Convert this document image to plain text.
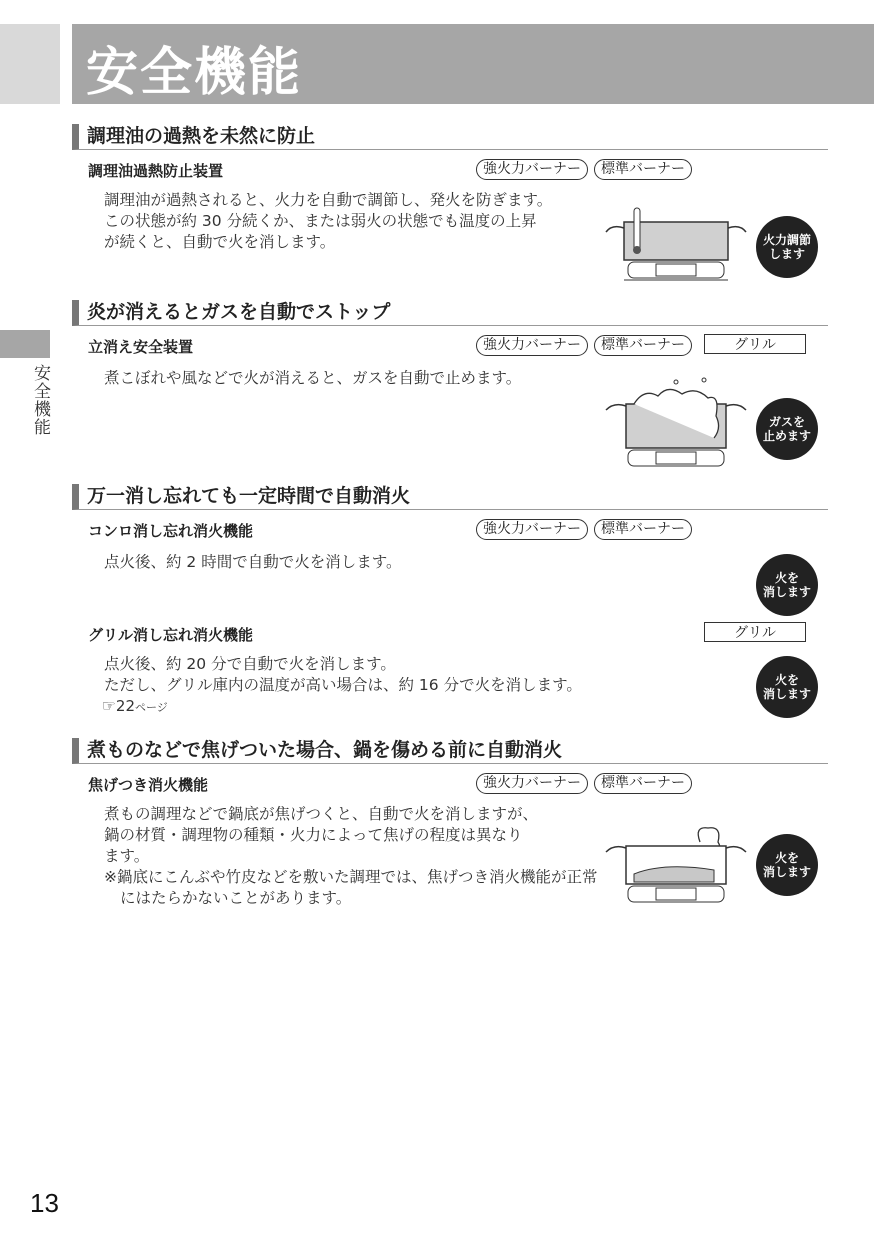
安全機能
安全機能
調理油の過熱を未然に防止
調理油過熱防止装置	強火力バーナー 標準バーナー

調理油が過熱されると、火力を自動で調節し、発火を防ぎます。

この状態が約 30 分続くか、または弱火の状態でも温度の上昇

が続くと、自動で火を消します。	火力調節
します
炎が消えるとガスを自動でストップ
立消え安全装置	強火力バーナー 標準バーナー	グリル

煮こぼれや風などで火が消えると、ガスを自動で止めます。

ガスを
止めます
万一消し忘れても一定時間で自動消火
コンロ消し忘れ消火機能	強火力バーナー 標準バーナー

点火後、約 2 時間で自動で火を消します。

火を
消します
グリル消し忘れ消火機能	グリル

点火後、約 20 分で自動で火を消します。

ただし、グリル庫内の温度が高い場合は、約 16 分で火を消します。

☞22ページ

火を
消します
煮ものなどで焦げついた場合、鍋を傷める前に自動消火
焦げつき消火機能	強火力バーナー 標準バーナー

煮もの調理などで鍋底が焦げつくと、自動で火を消しますが、

鍋の材質・調理物の種類・火力によって焦げの程度は異なり

ます。

※鍋底にこんぶや竹皮などを敷いた調理では、焦げつき消火機能が正常にはたらかないことがあります。

火を
消します
13
